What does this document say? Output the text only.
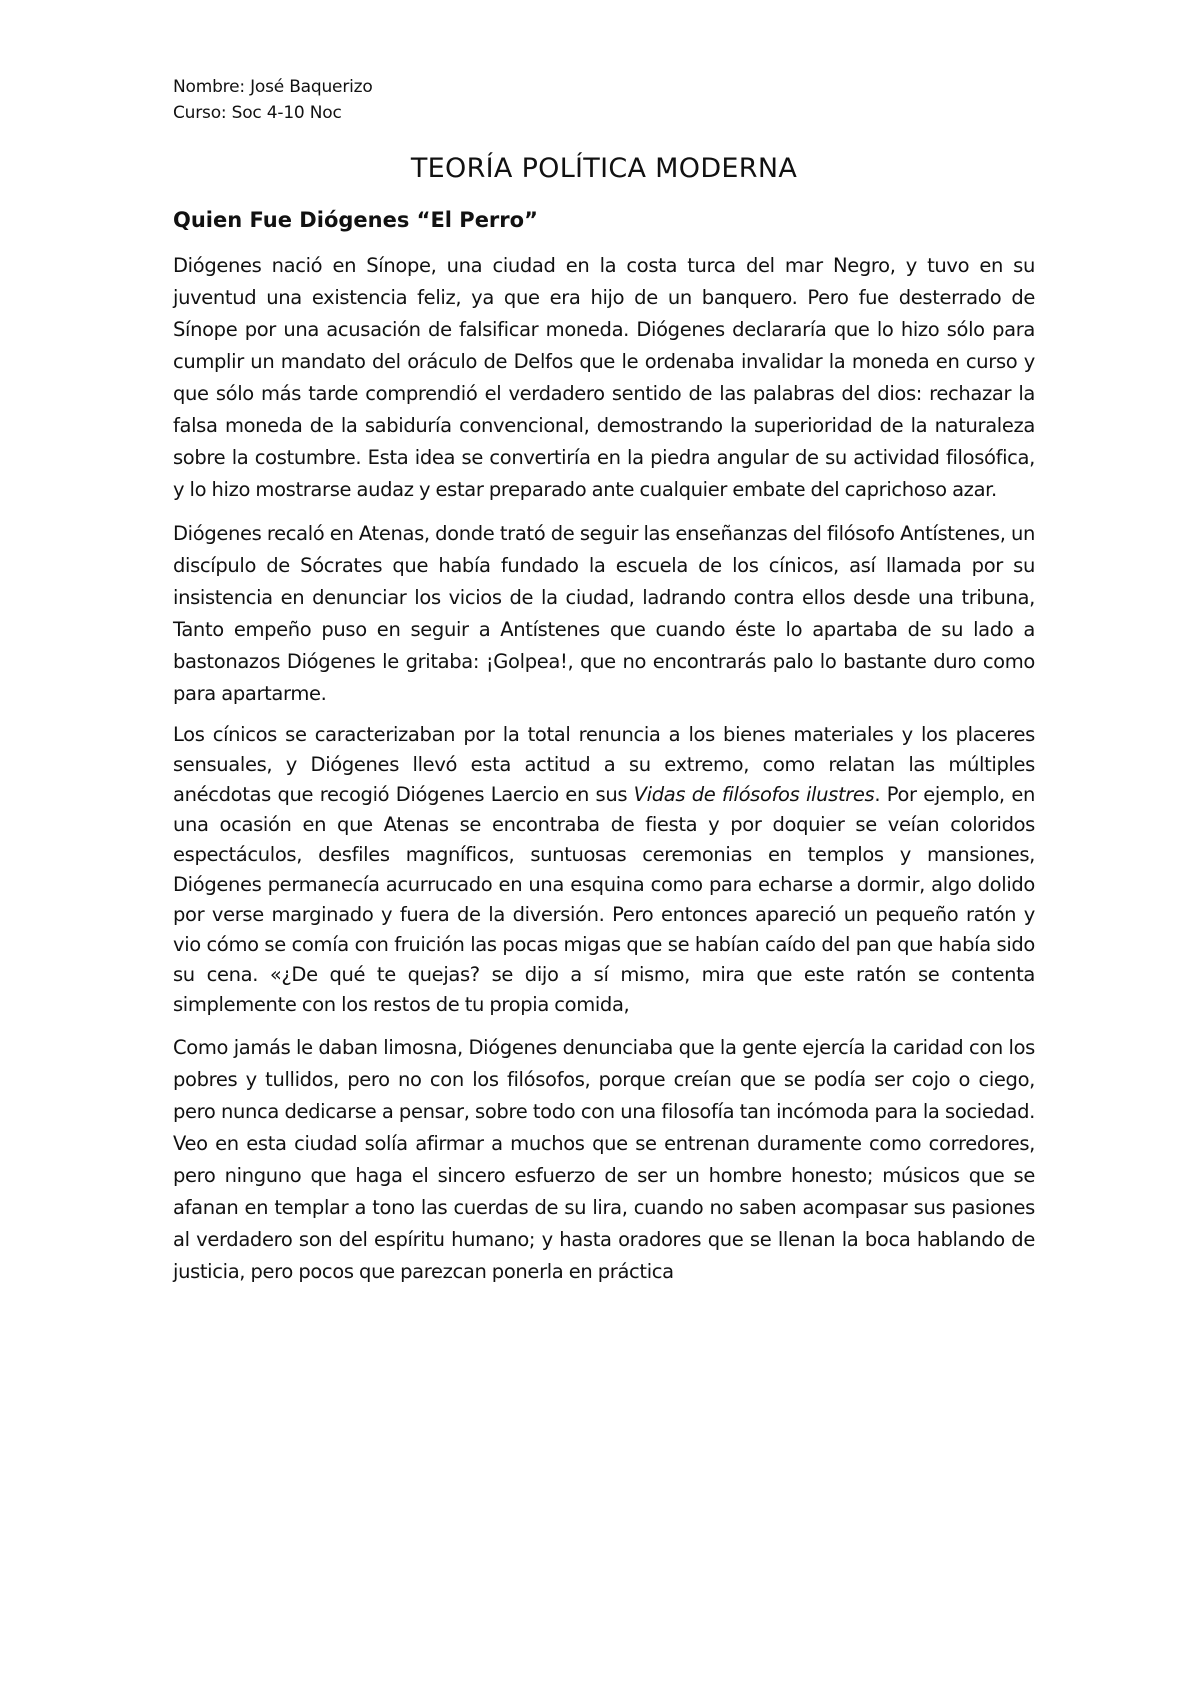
Nombre: José Baquerizo

Curso: Soc 4-10 Noc

TEORÍA POLÍTICA MODERNA
Quien Fue Diógenes “El Perro”

Diógenes nació en Sínope, una ciudad en la costa turca del mar Negro, y tuvo en su juventud una existencia feliz, ya que era hijo de un banquero. Pero fue desterrado de Sínope por una acusación de falsificar moneda. Diógenes declararía que lo hizo sólo para cumplir un mandato del oráculo de Delfos que le ordenaba invalidar la moneda en curso y que sólo más tarde comprendió el verdadero sentido de las palabras del dios: rechazar la falsa moneda de la sabiduría convencional, demostrando la superioridad de la naturaleza sobre la costumbre. Esta idea se convertiría en la piedra angular de su actividad filosófica, y lo hizo mostrarse audaz y estar preparado ante cualquier embate del caprichoso azar.

Diógenes recaló en Atenas, donde trató de seguir las enseñanzas del filósofo Antístenes, un discípulo de Sócrates que había fundado la escuela de los cínicos, así llamada por su insistencia en denunciar los vicios de la ciudad, ladrando contra ellos desde una tribuna, Tanto empeño puso en seguir a Antístenes que cuando éste lo apartaba de su lado a bastonazos Diógenes le gritaba: ¡Golpea!, que no encontrarás palo lo bastante duro como para apartarme.

Los cínicos se caracterizaban por la total renuncia a los bienes materiales y los placeres sensuales, y Diógenes llevó esta actitud a su extremo, como relatan las múltiples anécdotas que recogió Diógenes Laercio en sus Vidas de filósofos ilustres. Por ejemplo, en una ocasión en que Atenas se encontraba de fiesta y por doquier se veían coloridos espectáculos, desfiles magníficos, suntuosas ceremonias en templos y mansiones, Diógenes permanecía acurrucado en una esquina como para echarse a dormir, algo dolido por verse marginado y fuera de la diversión. Pero entonces apareció un pequeño ratón y vio cómo se comía con fruición las pocas migas que se habían caído del pan que había sido su cena. «¿De qué te quejas? se dijo a sí mismo, mira que este ratón se contenta simplemente con los restos de tu propia comida,

Como jamás le daban limosna, Diógenes denunciaba que la gente ejercía la caridad con los pobres y tullidos, pero no con los filósofos, porque creían que se podía ser cojo o ciego, pero nunca dedicarse a pensar, sobre todo con una filosofía tan incómoda para la sociedad. Veo en esta ciudad solía afirmar a muchos que se entrenan duramente como corredores, pero ninguno que haga el sincero esfuerzo de ser un hombre honesto; músicos que se afanan en templar a tono las cuerdas de su lira, cuando no saben acompasar sus pasiones al verdadero son del espíritu humano; y hasta oradores que se llenan la boca hablando de justicia, pero pocos que parezcan ponerla en práctica
